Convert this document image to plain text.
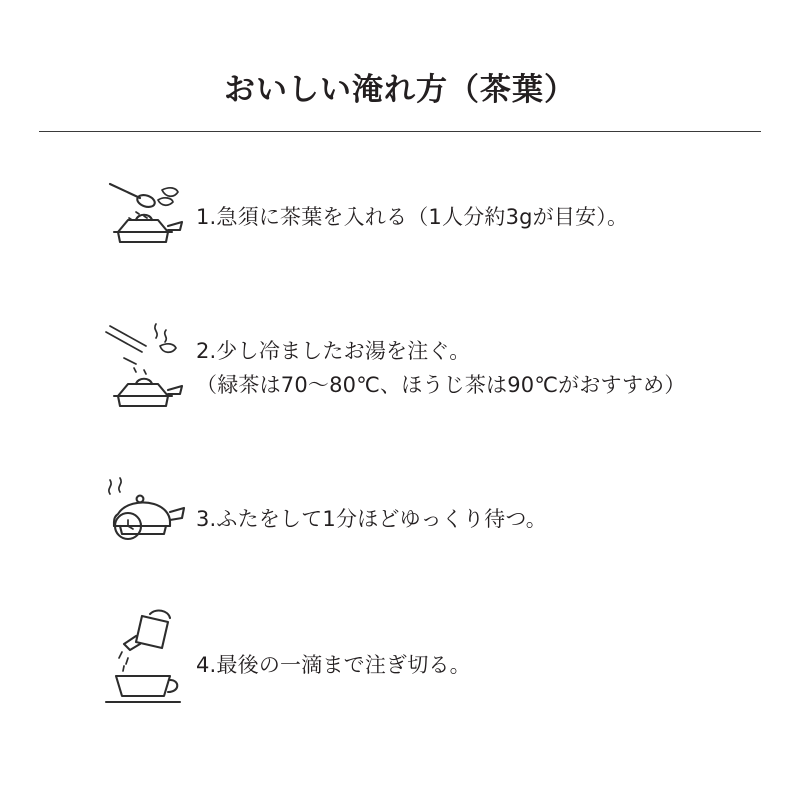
おいしい淹れ方（茶葉）
1.急須に茶葉を入れる（1人分約3gが目安）。
2.少し冷ましたお湯を注ぐ。
（緑茶は70〜80℃、ほうじ茶は90℃がおすすめ）
3.ふたをして1分ほどゆっくり待つ。
4.最後の一滴まで注ぎ切る。
